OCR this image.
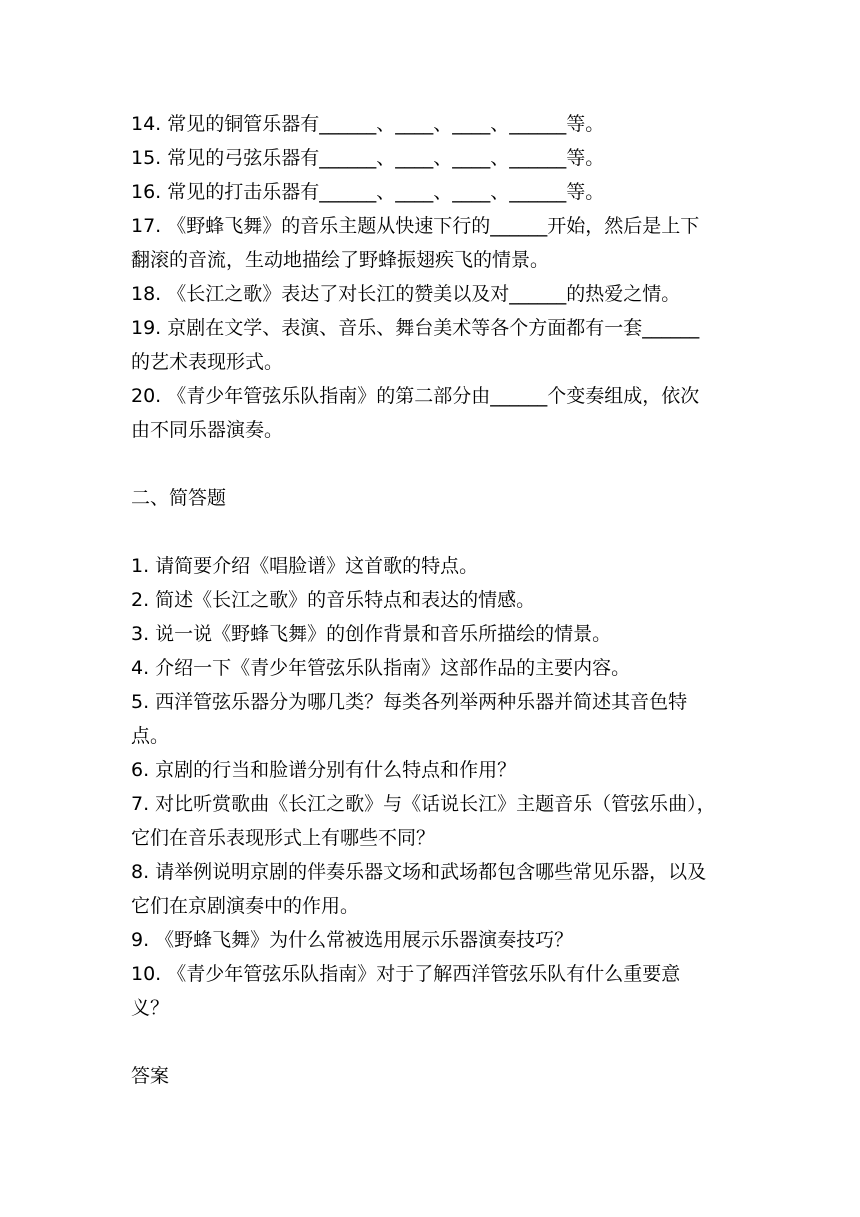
14. 常见的铜管乐器有______、____、____、______等。
15. 常见的弓弦乐器有______、____、____、______等。
16. 常见的打击乐器有______、____、____、______等。
17. 《野蜂飞舞》的音乐主题从快速下行的______开始，然后是上下
翻滚的音流，生动地描绘了野蜂振翅疾飞的情景。
18. 《长江之歌》表达了对长江的赞美以及对______的热爱之情。
19. 京剧在文学、表演、音乐、舞台美术等各个方面都有一套______
的艺术表现形式。
20. 《青少年管弦乐队指南》的第二部分由______个变奏组成，依次
由不同乐器演奏。
二、简答题
1. 请简要介绍《唱脸谱》这首歌的特点。
2. 简述《长江之歌》的音乐特点和表达的情感。
3. 说一说《野蜂飞舞》的创作背景和音乐所描绘的情景。
4. 介绍一下《青少年管弦乐队指南》这部作品的主要内容。
5. 西洋管弦乐器分为哪几类？每类各列举两种乐器并简述其音色特
点。
6. 京剧的行当和脸谱分别有什么特点和作用？
7. 对比听赏歌曲《长江之歌》与《话说长江》主题音乐（管弦乐曲），
它们在音乐表现形式上有哪些不同？
8. 请举例说明京剧的伴奏乐器文场和武场都包含哪些常见乐器，以及
它们在京剧演奏中的作用。
9. 《野蜂飞舞》为什么常被选用展示乐器演奏技巧？
10. 《青少年管弦乐队指南》对于了解西洋管弦乐队有什么重要意
义？
答案
